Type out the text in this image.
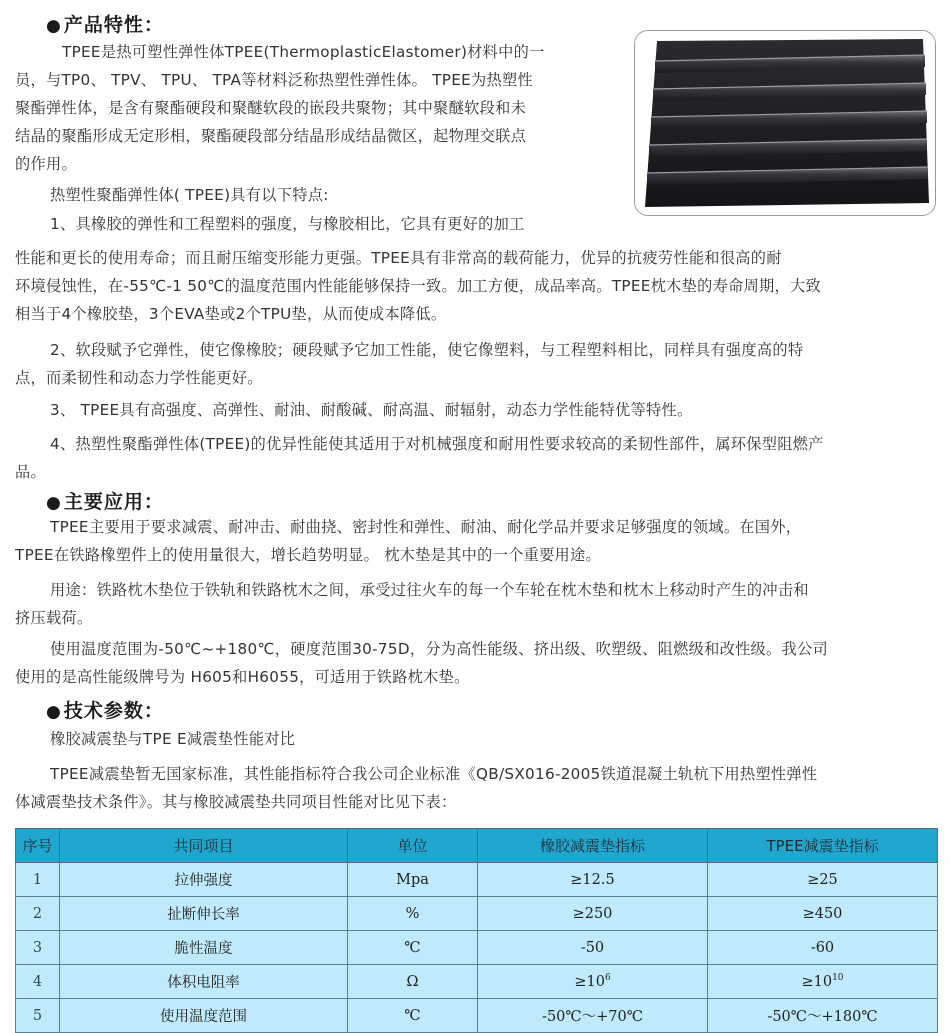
● 产品特性：
TPEE是热可塑性弹性体TPEE(ThermoplasticElastomer)材料中的一
员，与TP0、 TPV、 TPU、 TPA等材料泛称热塑性弹性体。 TPEE为热塑性
聚酯弹性体，是含有聚酯硬段和聚醚软段的嵌段共聚物；其中聚醚软段和未
结晶的聚酯形成无定形相，聚酯硬段部分结晶形成结晶微区，起物理交联点
的作用。
热塑性聚酯弹性体( TPEE)具有以下特点:
1、具橡胶的弹性和工程塑料的强度，与橡胶相比，它具有更好的加工
性能和更长的使用寿命；而且耐压缩变形能力更强。TPEE具有非常高的载荷能力，优异的抗疲劳性能和很高的耐
环境侵蚀性，在-55℃-1 50℃的温度范围内性能能够保持一致。加工方便，成品率高。TPEE枕木垫的寿命周期，大致
相当于4个橡胶垫，3个EVA垫或2个TPU垫，从而使成本降低。
2、软段赋予它弹性，使它像橡胶；硬段赋予它加工性能，使它像塑料，与工程塑料相比，同样具有强度高的特
点，而柔韧性和动态力学性能更好。
3、 TPEE具有高强度、高弹性、耐油、耐酸碱、耐高温、耐辐射，动态力学性能特优等特性。
4、热塑性聚酯弹性体(TPEE)的优异性能使其适用于对机械强度和耐用性要求较高的柔韧性部件，属环保型阻燃产
品。
● 主要应用：
TPEE主要用于要求减震、耐冲击、耐曲挠、密封性和弹性、耐油、耐化学品并要求足够强度的领域。在国外，
TPEE在铁路橡塑件上的使用量很大，增长趋势明显。 枕木垫是其中的一个重要用途。
用途：铁路枕木垫位于铁轨和铁路枕木之间，承受过往火车的每一个车轮在枕木垫和枕木上移动时产生的冲击和
挤压载荷。
使用温度范围为-50℃~+180℃，硬度范围30-75D，分为高性能级、挤出级、吹塑级、阻燃级和改性级。我公司
使用的是高性能级牌号为 H605和H6055，可适用于铁路枕木垫。
● 技术参数：
橡胶减震垫与TPE E减震垫性能对比
TPEE减震垫暂无国家标准，其性能指标符合我公司企业标准《QB/SX016-2005铁道混凝土轨杭下用热塑性弹性
体减震垫技术条件》。其与橡胶减震垫共同项目性能对比见下表：
序号	共同项目	单位	橡胶减震垫指标	TPEE减震垫指标
1	拉伸强度	Mpa	≥12.5	≥25
2	扯断伸长率	%	≥250	≥450
3	脆性温度	℃	-50	-60
4	体积电阻率	Ω	$\ge 10^6$	$\ge 10^{10}$
5	使用温度范围	℃	-50℃～+70℃	-50℃～+180℃
